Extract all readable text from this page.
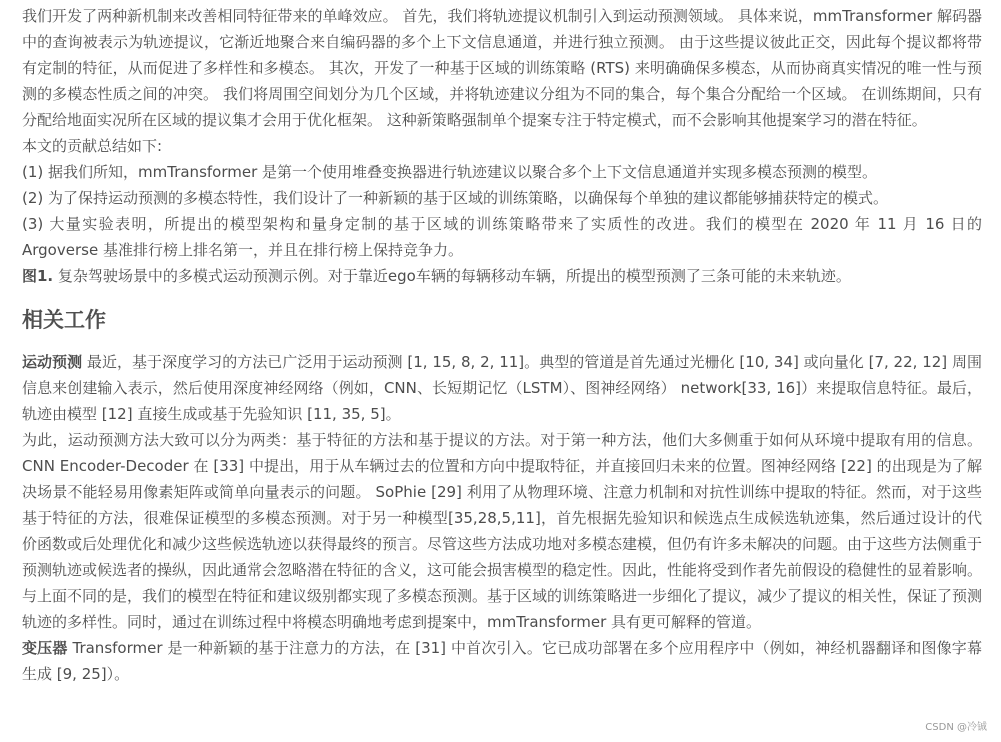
我们开发了两种新机制来改善相同特征带来的单峰效应。 首先，我们将轨迹提议机制引入到运动预测领域。 具体来说，mmTransformer 解码器中的查询被表示为轨迹提议，它渐近地聚合来自编码器的多个上下文信息通道，并进行独立预测。 由于这些提议彼此正交，因此每个提议都将带有定制的特征，从而促进了多样性和多模态。 其次，开发了一种基于区域的训练策略 (RTS) 来明确确保多模态，从而协商真实情况的唯一性与预测的多模态性质之间的冲突。 我们将周围空间划分为几个区域，并将轨迹建议分组为不同的集合，每个集合分配给一个区域。 在训练期间，只有分配给地面实况所在区域的提议集才会用于优化框架。 这种新策略强制单个提案专注于特定模式，而不会影响其他提案学习的潜在特征。

本文的贡献总结如下:

(1) 据我们所知，mmTransformer 是第一个使用堆叠变换器进行轨迹建议以聚合多个上下文信息通道并实现多模态预测的模型。

(2) 为了保持运动预测的多模态特性，我们设计了一种新颖的基于区域的训练策略，以确保每个单独的建议都能够捕获特定的模式。

(3) 大量实验表明，所提出的模型架构和量身定制的基于区域的训练策略带来了实质性的改进。我们的模型在 2020 年 11 月 16 日的 Argoverse 基准排行榜上排名第一，并且在排行榜上保持竞争力。

图1. 复杂驾驶场景中的多模式运动预测示例。对于靠近ego车辆的每辆移动车辆，所提出的模型预测了三条可能的未来轨迹。

相关工作

运动预测 最近，基于深度学习的方法已广泛用于运动预测 [1, 15, 8, 2, 11]。典型的管道是首先通过光栅化 [10, 34] 或向量化 [7, 22, 12] 周围信息来创建输入表示，然后使用深度神经网络（例如，CNN、长短期记忆（LSTM）、图神经网络） network[33, 16]）来提取信息特征。最后，轨迹由模型 [12] 直接生成或基于先验知识 [11, 35, 5]。

为此，运动预测方法大致可以分为两类：基于特征的方法和基于提议的方法。对于第一种方法，他们大多侧重于如何从环境中提取有用的信息。 CNN Encoder-Decoder 在 [33] 中提出，用于从车辆过去的位置和方向中提取特征，并直接回归未来的位置。图神经网络 [22] 的出现是为了解决场景不能轻易用像素矩阵或简单向量表示的问题。 SoPhie [29] 利用了从物理环境、注意力机制和对抗性训练中提取的特征。然而，对于这些基于特征的方法，很难保证模型的多模态预测。对于另一种模型[35,28,5,11]，首先根据先验知识和候选点生成候选轨迹集，然后通过设计的代价函数或后处理优化和减少这些候选轨迹以获得最终的预言。尽管这些方法成功地对多模态建模，但仍有许多未解决的问题。由于这些方法侧重于预测轨迹或候选者的操纵，因此通常会忽略潜在特征的含义，这可能会损害模型的稳定性。因此，性能将受到作者先前假设的稳健性的显着影响。

与上面不同的是，我们的模型在特征和建议级别都实现了多模态预测。基于区域的训练策略进一步细化了提议，减少了提议的相关性，保证了预测轨迹的多样性。同时，通过在训练过程中将模态明确地考虑到提案中，mmTransformer 具有更可解释的管道。

变压器 Transformer 是一种新颖的基于注意力的方法，在 [31] 中首次引入。它已成功部署在多个应用程序中（例如，神经机器翻译和图像字幕生成 [9, 25]）。

CSDN @冷铖
